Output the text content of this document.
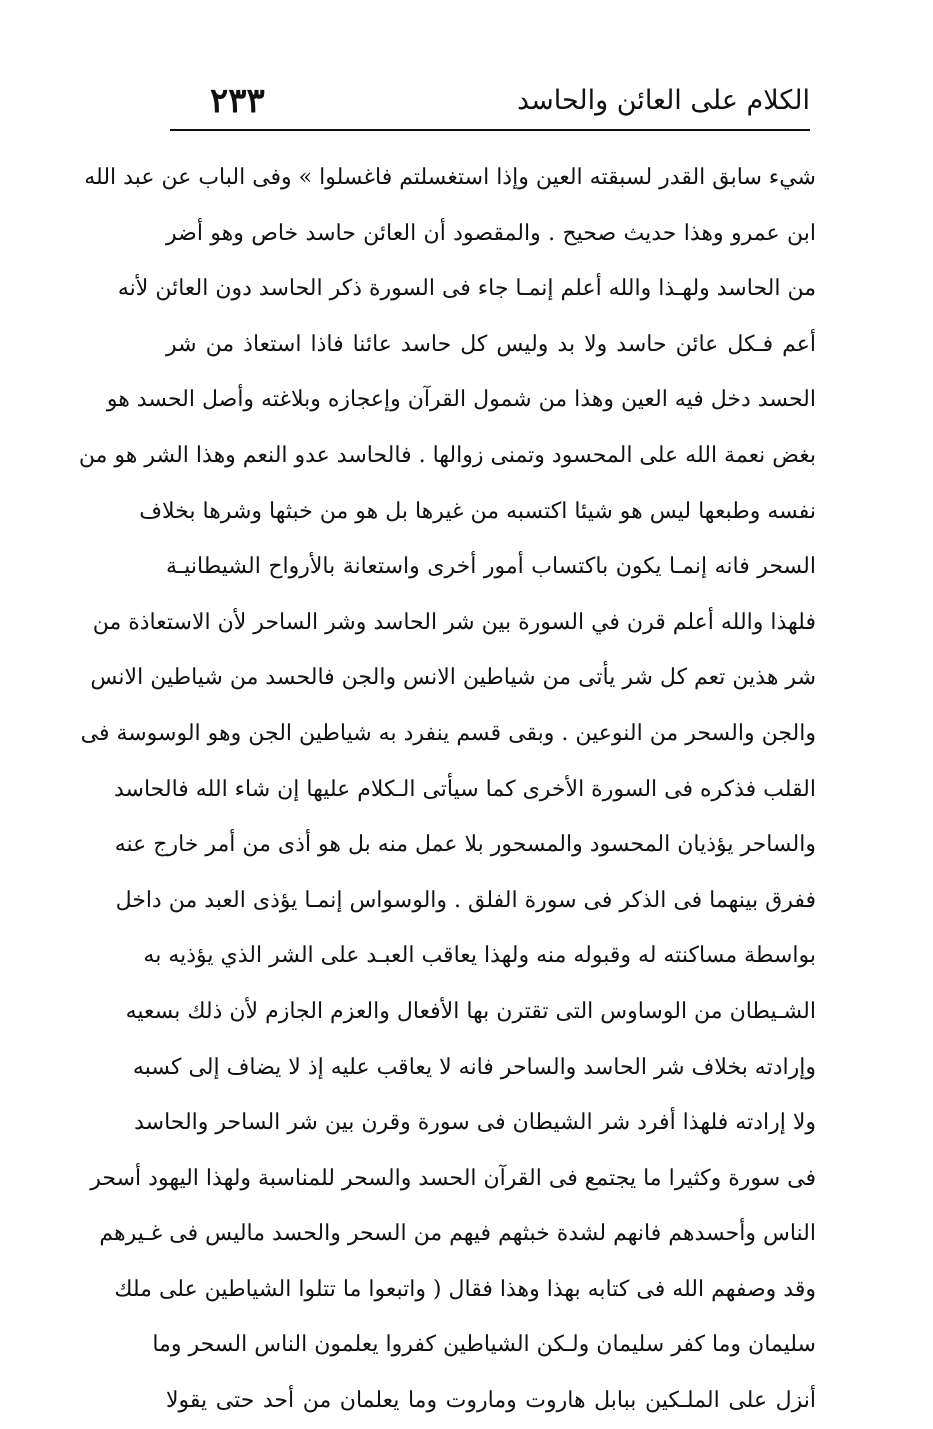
٢٣٣	الكلام على العائن والحاسد
شيء سابق القدر لسبقته العين وإذا استغسلتم فاغسلوا » وفى الباب عن عبد الله
ابن عمرو وهذا حديث صحيح . والمقصود أن العائن حاسد خاص وهو أضر
من الحاسد ولهـذا والله أعلم إنمـا جاء فى السورة ذكر الحاسد دون العائن لأنه
أعم فـكل عائن حاسد ولا بد وليس كل حاسد عائنا فاذا استعاذ من شر
الحسد دخل فيه العين وهذا من شمول القرآن وإعجازه وبلاغته وأصل الحسد هو
بغض نعمة الله على المحسود وتمنى زوالها . فالحاسد عدو النعم وهذا الشر هو من
نفسه وطبعها ليس هو شيئا اكتسبه من غيرها بل هو من خبثها وشرها بخلاف
السحر فانه إنمـا يكون باكتساب أمور أخرى واستعانة بالأرواح الشيطانيـة
فلهذا والله أعلم قرن في السورة بين شر الحاسد وشر الساحر لأن الاستعاذة من
شر هذين تعم كل شر يأتى من شياطين الانس والجن فالحسد من شياطين الانس
والجن والسحر من النوعين . وبقى قسم ينفرد به شياطين الجن وهو الوسوسة فى
القلب فذكره فى السورة الأخرى كما سيأتى الـكلام عليها إن شاء الله فالحاسد
والساحر يؤذيان المحسود والمسحور بلا عمل منه بل هو أذى من أمر خارج عنه
ففرق بينهما فى الذكر فى سورة الفلق . والوسواس إنمـا يؤذى العبد من داخل
بواسطة مساكنته له وقبوله منه ولهذا يعاقب العبـد على الشر الذي يؤذيه به
الشـيطان من الوساوس التى تقترن بها الأفعال والعزم الجازم لأن ذلك بسعيه
وإرادته بخلاف شر الحاسد والساحر فانه لا يعاقب عليه إذ لا يضاف إلى كسبه
ولا إرادته فلهذا أفرد شر الشيطان فى سورة وقرن بين شر الساحر والحاسد
فى سورة وكثيرا ما يجتمع فى القرآن الحسد والسحر للمناسبة ولهذا اليهود أسحر
الناس وأحسدهم فانهم لشدة خبثهم فيهم من السحر والحسد ماليس فى غـيرهم
وقد وصفهم الله فى كتابه بهذا وهذا فقال ( واتبعوا ما تتلوا الشياطين على ملك
سليمان وما كفر سليمان ولـكن الشياطين كفروا يعلمون الناس السحر وما
أنزل على الملـكين ببابل هاروت وماروت وما يعلمان من أحد حتى يقولا
